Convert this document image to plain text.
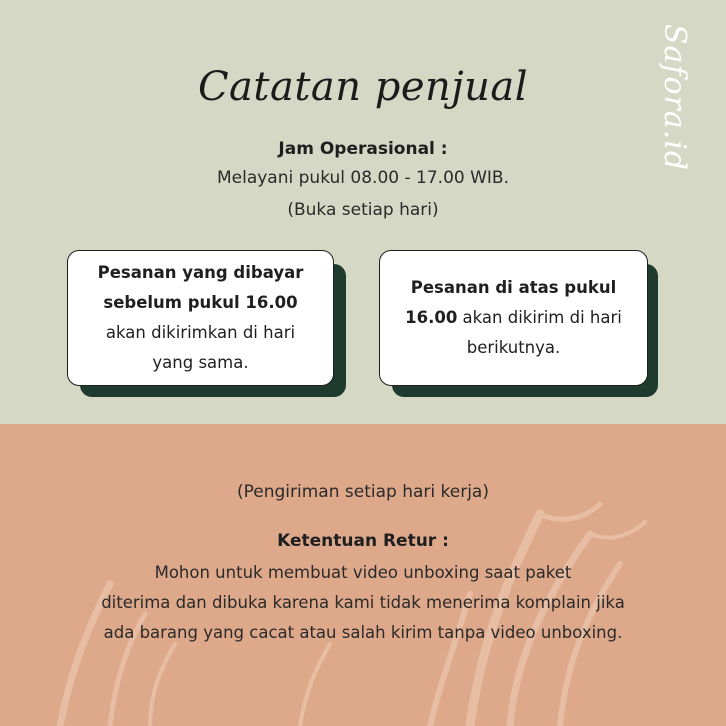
Safora.id
Catatan penjual
Jam Operasional :
Melayani pukul 08.00 - 17.00 WIB.
(Buka setiap hari)
Pesanan yang dibayar
sebelum pukul 16.00
akan dikirimkan di hari
yang sama.
Pesanan di atas pukul
16.00 akan dikirim di hari
berikutnya.
(Pengiriman setiap hari kerja)
Ketentuan Retur :
Mohon untuk membuat video unboxing saat paket
diterima dan dibuka karena kami tidak menerima komplain jika
ada barang yang cacat atau salah kirim tanpa video unboxing.
